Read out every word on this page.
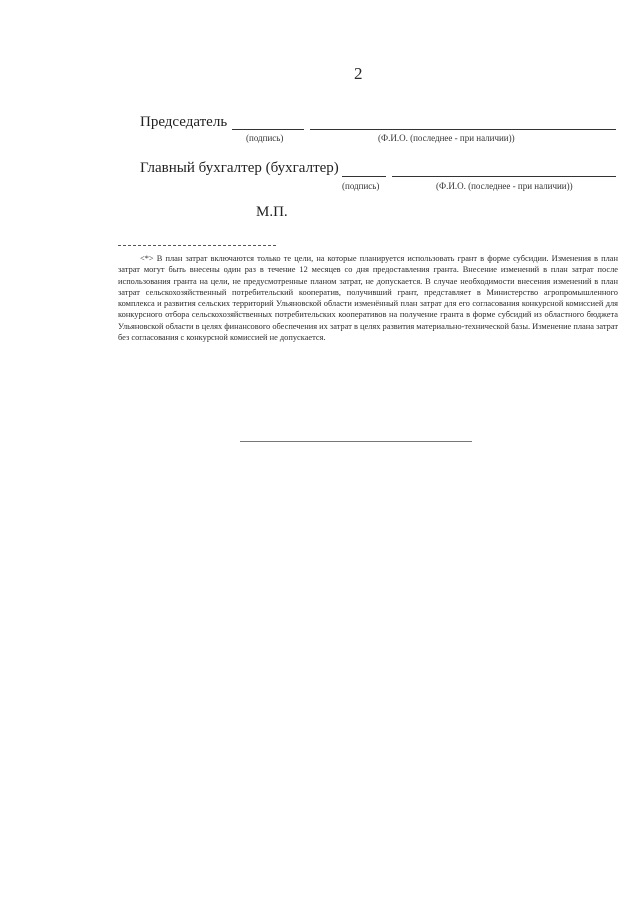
2
Председатель
(подпись)	(Ф.И.О. (последнее - при наличии))
Главный бухгалтер (бухгалтер)
(подпись)	(Ф.И.О. (последнее - при наличии))
М.П.

<*> В план затрат включаются только те цели, на которые планируется использовать грант в форме субсидии. Изменения в план затрат могут быть внесены один раз в течение 12 месяцев со дня предоставления гранта. Внесение изменений в план затрат после использования гранта на цели, не предусмотренные планом затрат, не допускается. В случае необходимости внесения изменений в план затрат сельскохозяйственный потребительский кооператив, получивший грант, представляет в Министерство агропромышленного комплекса и развития сельских территорий Ульяновской области изменённый план затрат для его согласования конкурсной комиссией для конкурсного отбора сельскохозяйственных потребительских кооперативов на получение гранта в форме субсидий из областного бюджета Ульяновской области в целях финансового обеспечения их затрат в целях развития материально-технической базы. Изменение плана затрат без согласования с конкурсной комиссией не допускается.
